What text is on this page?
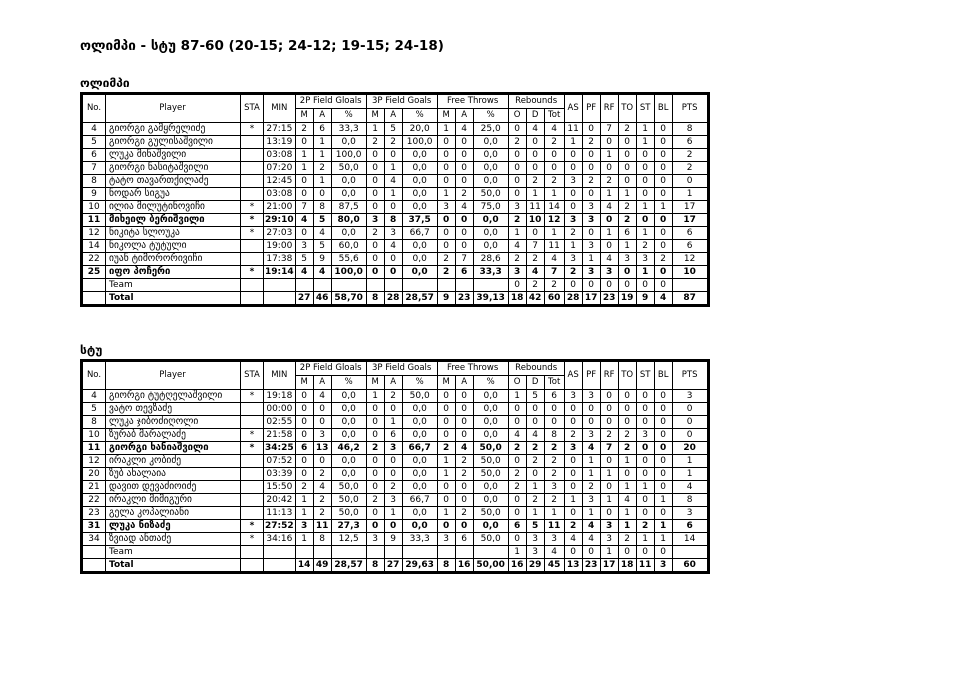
ოლიმპი - სტუ 87-60 (20-15; 24-12; 19-15; 24-18)
ოლიმპი
No.	Player	STA	MIN	2P Field Gloals			3P Field Goals			Free Throws			Rebounds			AS	PF	RF	TO	ST	BL	PTS
				M	A	%	M	A	%	M	A	%	O	D	Tot							
4	გიორგი გამყრელიძე	*	27:15	2	6	33,3	1	5	20,0	1	4	25,0	0	4	4	11	0	7	2	1	0	8
5	გიორგი გულისაშვილი		13:19	0	1	0,0	2	2	100,0	0	0	0,0	2	0	2	1	2	0	0	1	0	6
6	ლუკა მინაშვილი		03:08	1	1	100,0	0	0	0,0	0	0	0,0	0	0	0	0	0	1	0	0	0	2
7	გიორგი ნასიტაშვილი		07:20	1	2	50,0	0	1	0,0	0	0	0,0	0	0	0	0	0	0	0	0	0	2
8	ტატო თავართქილაძე		12:45	0	1	0,0	0	4	0,0	0	0	0,0	0	2	2	3	2	2	0	0	0	0
9	ნოდარ სიგუა		03:08	0	0	0,0	0	1	0,0	1	2	50,0	0	1	1	0	0	1	1	0	0	1
10	ილია მილუტინოვიჩი	*	21:00	7	8	87,5	0	0	0,0	3	4	75,0	3	11	14	0	3	4	2	1	1	17
11	მიხეილ ბერიშვილი	*	29:10	4	5	80,0	3	8	37,5	0	0	0,0	2	10	12	3	3	0	2	0	0	17
12	ნიკიტა სლოუკა	*	27:03	0	4	0,0	2	3	66,7	0	0	0,0	1	0	1	2	0	1	6	1	0	6
14	ნიკოლა ტუტული		19:00	3	5	60,0	0	4	0,0	0	0	0,0	4	7	11	1	3	0	1	2	0	6
22	იუან ტიმორორივიჩი		17:38	5	9	55,6	0	0	0,0	2	7	28,6	2	2	4	3	1	4	3	3	2	12
25	იფო პოჩერი	*	19:14	4	4	100,0	0	0	0,0	2	6	33,3	3	4	7	2	3	3	0	1	0	10
	Team												0	2	2	0	0	0	0	0	0	
	Total			27	46	58,70	8	28	28,57	9	23	39,13	18	42	60	28	17	23	19	9	4	87
სტუ
No.	Player	STA	MIN	2P Field Gloals			3P Field Goals			Free Throws			Rebounds			AS	PF	RF	TO	ST	BL	PTS
				M	A	%	M	A	%	M	A	%	O	D	Tot							
4	გიორგი ტუტღელაშვილი	*	19:18	0	4	0,0	1	2	50,0	0	0	0,0	1	5	6	3	3	0	0	0	0	3
5	ვატო თევზაძე		00:00	0	0	0,0	0	0	0,0	0	0	0,0	0	0	0	0	0	0	0	0	0	0
8	ლუკა ჯიბოძიღოლი		02:55	0	0	0,0	0	1	0,0	0	0	0,0	0	0	0	0	0	0	0	0	0	0
10	ზურაბ მარალაძე	*	21:58	0	3	0,0	0	6	0,0	0	0	0,0	4	4	8	2	3	2	2	3	0	0
11	გიორგი ხანიაშვილი	*	34:25	6	13	46,2	2	3	66,7	2	4	50,0	2	2	2	3	4	7	2	0	0	20
12	ირაკლი კობიძე		07:52	0	0	0,0	0	0	0,0	1	2	50,0	0	2	2	0	1	0	1	0	0	1
20	ზუბ ახალაია		03:39	0	2	0,0	0	0	0,0	1	2	50,0	2	0	2	0	1	1	0	0	0	1
21	დავით დევაძიოიძე		15:50	2	4	50,0	0	2	0,0	0	0	0,0	2	1	3	0	2	0	1	1	0	4
22	ირაკლი მიმიგური		20:42	1	2	50,0	2	3	66,7	0	0	0,0	0	2	2	1	3	1	4	0	1	8
23	გელა კოპალიანი		11:13	1	2	50,0	0	1	0,0	1	2	50,0	0	1	1	0	1	0	1	0	0	3
31	ლუკა ნიზაძე	*	27:52	3	11	27,3	0	0	0,0	0	0	0,0	6	5	11	2	4	3	1	2	1	6
34	ზვიად ანთაძე	*	34:16	1	8	12,5	3	9	33,3	3	6	50,0	0	3	3	4	4	3	2	1	1	14
	Team												1	3	4	0	0	1	0	0	0	
	Total			14	49	28,57	8	27	29,63	8	16	50,00	16	29	45	13	23	17	18	11	3	60
